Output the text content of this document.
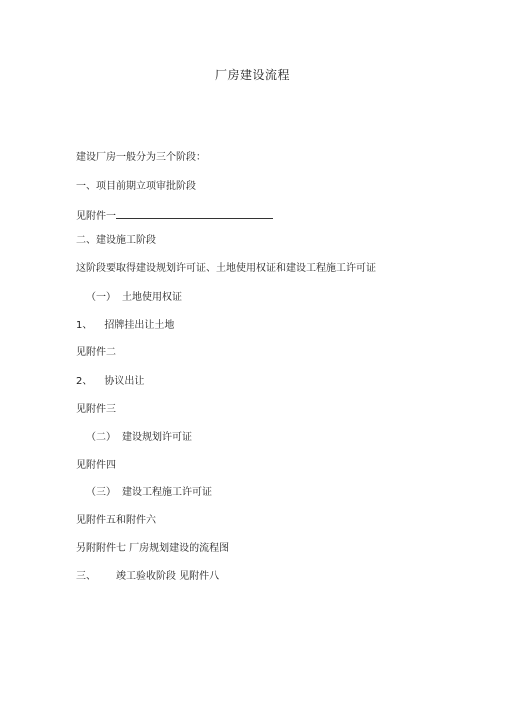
厂房建设流程
建设厂房一般分为三个阶段：
一、项目前期立项审批阶段
见附件一
二、建设施工阶段
这阶段要取得建设规划许可证、土地使用权证和建设工程施工许可证
（一） 土地使用权证
1、 招牌挂出让土地
见附件二
2、 协议出让
见附件三
（二） 建设规划许可证
见附件四
（三） 建设工程施工许可证
见附件五和附件六
另附附件七 厂房规划建设的流程图
三、 竣工验收阶段 见附件八
